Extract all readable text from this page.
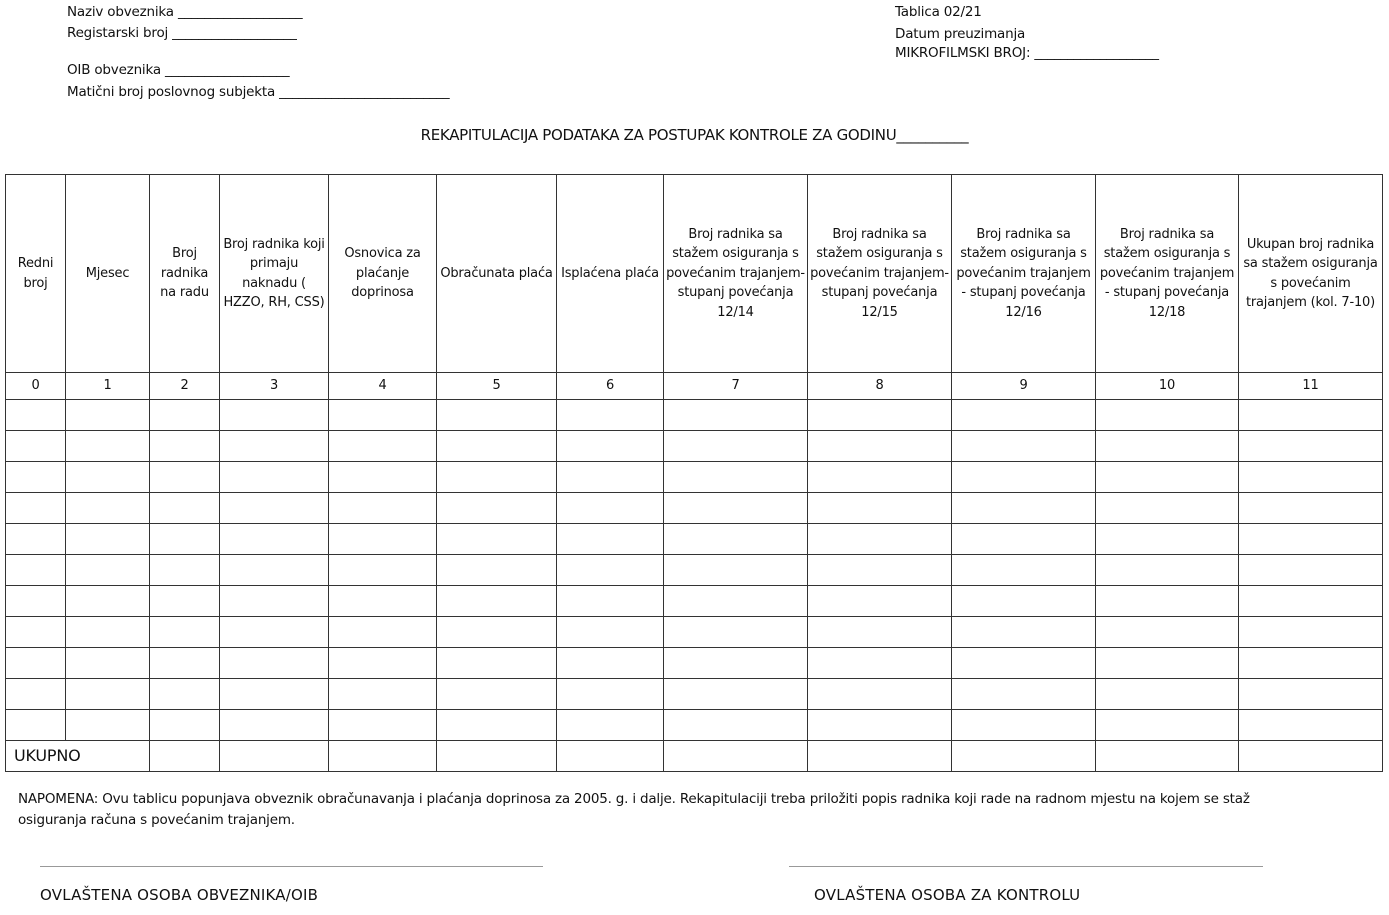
Naziv obveznika ___________________
Registarski broj ___________________
OIB obveznika ___________________
Matični broj poslovnog subjekta __________________________
Tablica 02/21
Datum preuzimanja
MIKROFILMSKI BROJ: ___________________
REKAPITULACIJA PODATAKA ZA POSTUPAK KONTROLE ZA GODINU__________
Redni broj	Mjesec	Broj radnika na radu	Broj radnika koji primaju naknadu ( HZZO, RH, CSS)	Osnovica za plaćanje doprinosa	Obračunata plaća	Isplaćena plaća	Broj radnika sa stažem osiguranja s povećanim trajanjem- stupanj povećanja 12/14	Broj radnika sa stažem osiguranja s povećanim trajanjem- stupanj povećanja 12/15	Broj radnika sa stažem osiguranja s povećanim trajanjem - stupanj povećanja 12/16	Broj radnika sa stažem osiguranja s povećanim trajanjem - stupanj povećanja 12/18	Ukupan broj radnika sa stažem osiguranja s povećanim trajanjem (kol. 7-10)
0	1	2	3	4	5	6	7	8	9	10	11

UKUPNO											
NAPOMENA: Ovu tablicu popunjava obveznik obračunavanja i plaćanja doprinosa za 2005. g. i dalje. Rekapitulaciji treba priložiti popis radnika koji rade na radnom mjestu na kojem se staž osiguranja računa s povećanim trajanjem.
OVLAŠTENA OSOBA OBVEZNIKA/OIB	OVLAŠTENA OSOBA ZA KONTROLU
